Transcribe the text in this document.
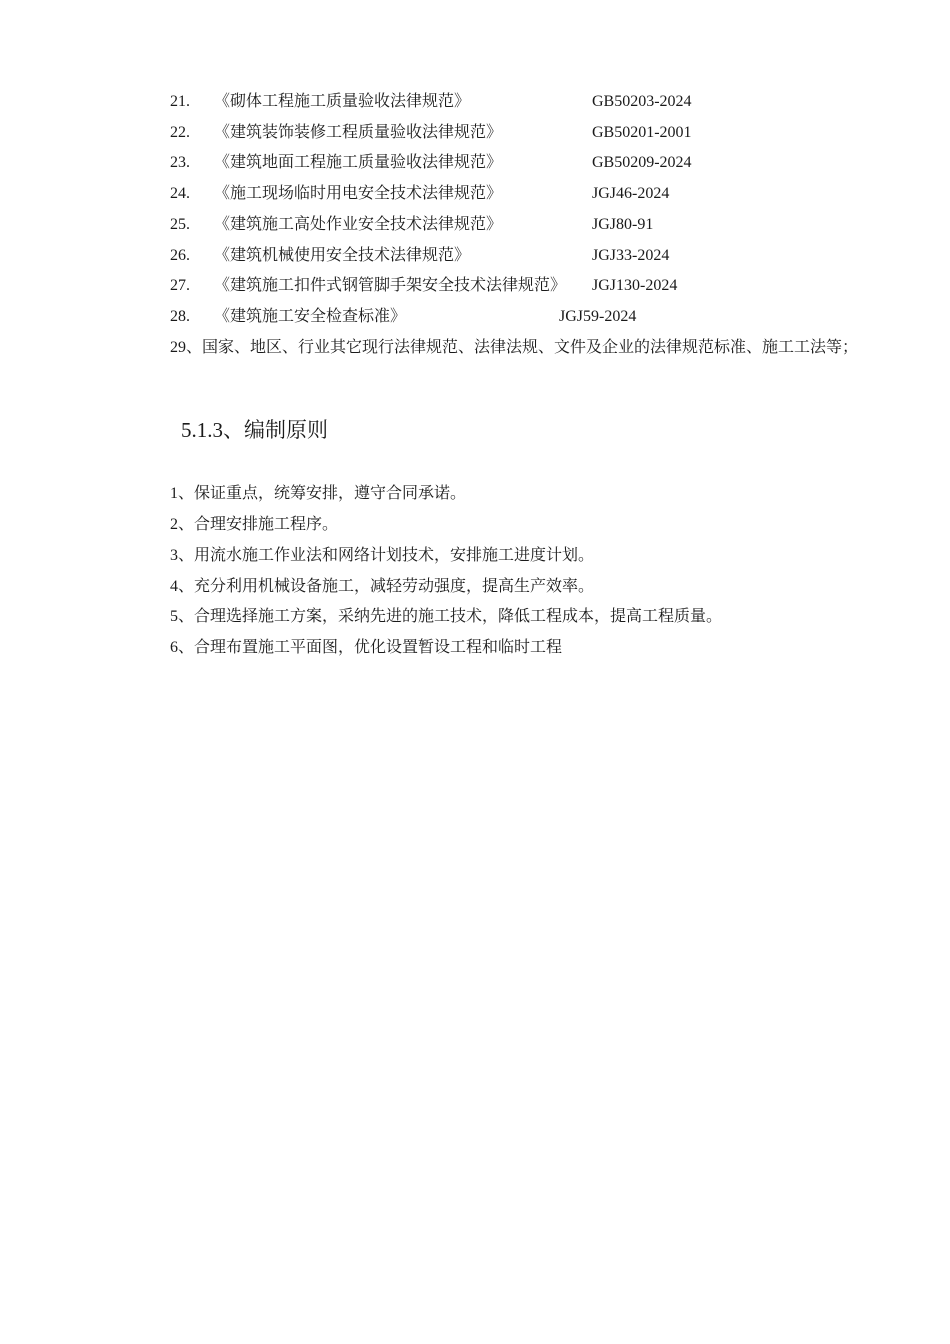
21. 《砌体工程施工质量验收法律规范》	GB50203-2024
22. 《建筑装饰装修工程质量验收法律规范》	GB50201-2001
23. 《建筑地面工程施工质量验收法律规范》	GB50209-2024
24. 《施工现场临时用电安全技术法律规范》	JGJ46-2024
25. 《建筑施工高处作业安全技术法律规范》	JGJ80-91
26. 《建筑机械使用安全技术法律规范》	JGJ33-2024
27. 《建筑施工扣件式钢管脚手架安全技术法律规范》 JGJ130-2024
28. 《建筑施工安全检查标准》	JGJ59-2024
29、国家、地区、行业其它现行法律规范、法律法规、文件及企业的法律规范标准、施工工法等；
5.1.3、编制原则
1、保证重点，统筹安排，遵守合同承诺。
2、合理安排施工程序。
3、用流水施工作业法和网络计划技术，安排施工进度计划。
4、充分利用机械设备施工，减轻劳动强度，提高生产效率。
5、合理选择施工方案，采纳先进的施工技术，降低工程成本，提高工程质量。
6、合理布置施工平面图，优化设置暂设工程和临时工程
